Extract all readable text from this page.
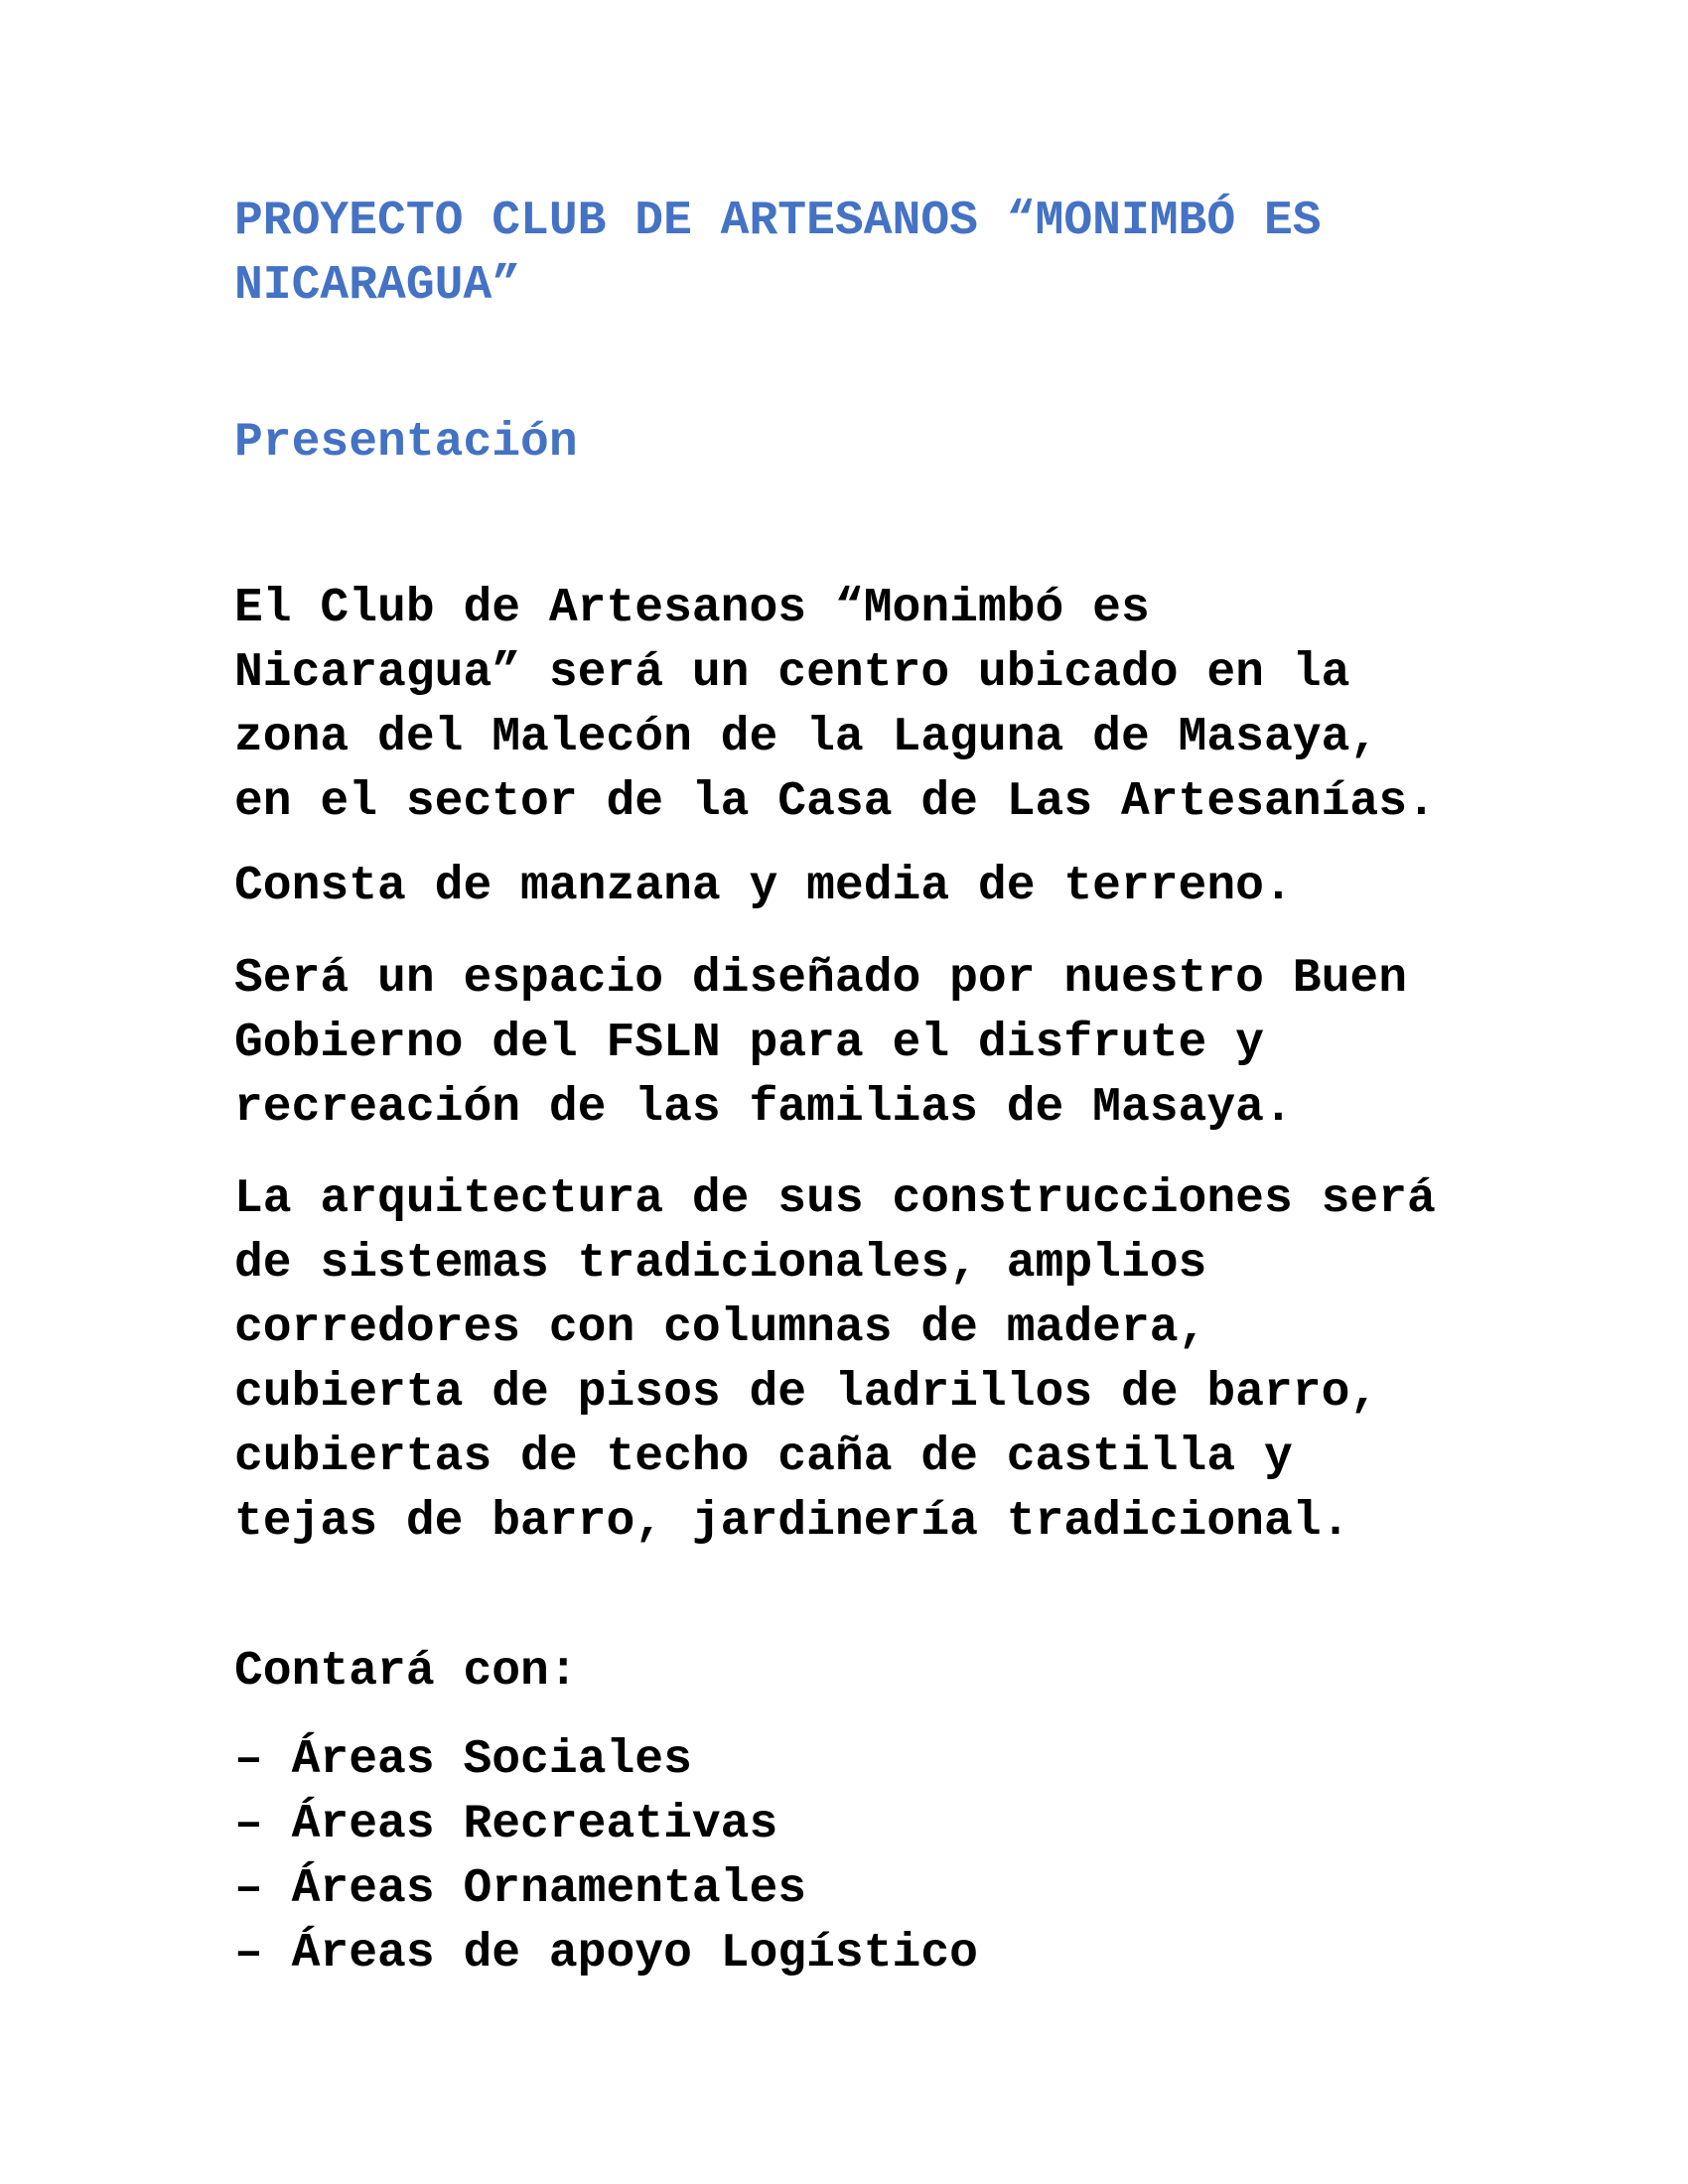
PROYECTO CLUB DE ARTESANOS “MONIMBÓ ES NICARAGUA”
Presentación

El Club de Artesanos “Monimbó es Nicaragua” será un centro ubicado en la zona del Malecón de la Laguna de Masaya, en el sector de la Casa de Las Artesanías.

Consta de manzana y media de terreno.

Será un espacio diseñado por nuestro Buen Gobierno del FSLN para el disfrute y recreación de las familias de Masaya.

La arquitectura de sus construcciones será de sistemas tradicionales, amplios corredores con columnas de madera, cubierta de pisos de ladrillos de barro, cubiertas de techo caña de castilla y tejas de barro, jardinería tradicional.

Contará con:

– Áreas Sociales
– Áreas Recreativas
– Áreas Ornamentales
– Áreas de apoyo Logístico
